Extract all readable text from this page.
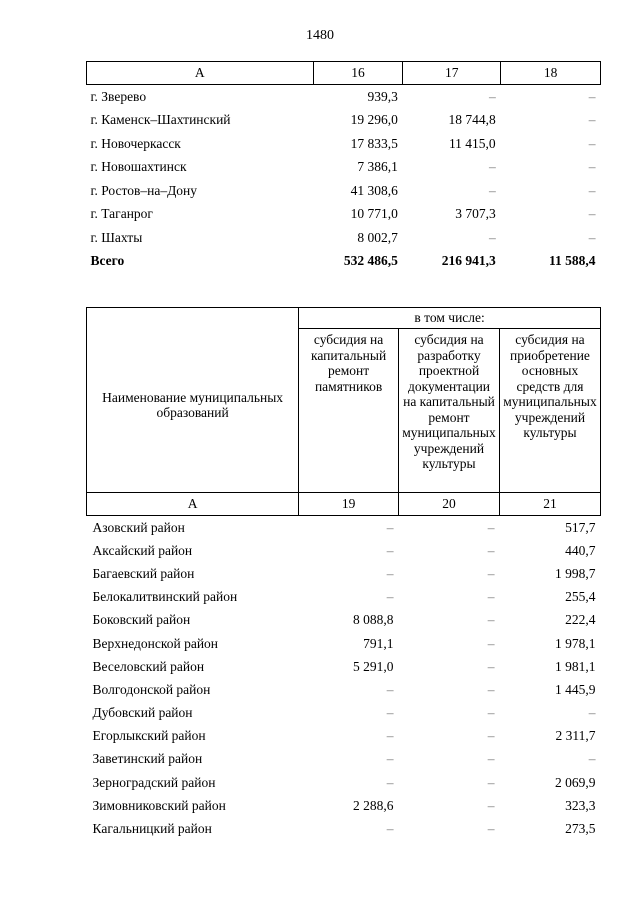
1480
А	16	17	18
г. Зверево	939,3	–	–
г. Каменск–Шахтинский	19 296,0	18 744,8	–
г. Новочеркасск	17 833,5	11 415,0	–
г. Новошахтинск	7 386,1	–	–
г. Ростов–на–Дону	41 308,6	–	–
г. Таганрог	10 771,0	3 707,3	–
г. Шахты	8 002,7	–	–
Всего	532 486,5	216 941,3	11 588,4
Наименование муниципальных образований	в том числе:		
	субсидия на капитальный ремонт памятников	субсидия на разработку проектной документации на капитальный ремонт муниципальных учреждений культуры	субсидия на приобретение основных средств для муниципальных учреждений культуры
А	19	20	21
Азовский район	–	–	517,7
Аксайский район	–	–	440,7
Багаевский район	–	–	1 998,7
Белокалитвинский район	–	–	255,4
Боковский район	8 088,8	–	222,4
Верхнедонской район	791,1	–	1 978,1
Веселовский район	5 291,0	–	1 981,1
Волгодонской район	–	–	1 445,9
Дубовский район	–	–	–
Егорлыкский район	–	–	2 311,7
Заветинский район	–	–	–
Зерноградский район	–	–	2 069,9
Зимовниковский район	2 288,6	–	323,3
Кагальницкий район	–	–	273,5
